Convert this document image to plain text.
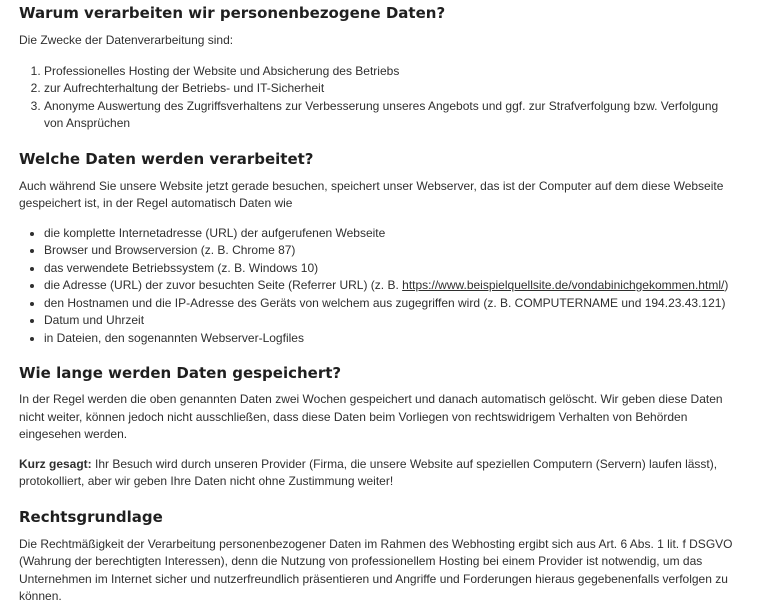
Warum verarbeiten wir personenbezogene Daten?

Die Zwecke der Datenverarbeitung sind:

1. Professionelles Hosting der Website und Absicherung des Betriebs
2. zur Aufrechterhaltung der Betriebs- und IT-Sicherheit
3. Anonyme Auswertung des Zugriffsverhaltens zur Verbesserung unseres Angebots und ggf. zur Strafverfolgung bzw. Verfolgung von Ansprüchen
Welche Daten werden verarbeitet?

Auch während Sie unsere Website jetzt gerade besuchen, speichert unser Webserver, das ist der Computer auf dem diese Webseite gespeichert ist, in der Regel automatisch Daten wie

• die komplette Internetadresse (URL) der aufgerufenen Webseite
• Browser und Browserversion (z. B. Chrome 87)
• das verwendete Betriebssystem (z. B. Windows 10)
• die Adresse (URL) der zuvor besuchten Seite (Referrer URL) (z. B. https://www.beispielquellsite.de/vondabinichgekommen.html/)
• den Hostnamen und die IP-Adresse des Geräts von welchem aus zugegriffen wird (z. B. COMPUTERNAME und 194.23.43.121)
• Datum und Uhrzeit
• in Dateien, den sogenannten Webserver-Logfiles
Wie lange werden Daten gespeichert?

In der Regel werden die oben genannten Daten zwei Wochen gespeichert und danach automatisch gelöscht. Wir geben diese Daten nicht weiter, können jedoch nicht ausschließen, dass diese Daten beim Vorliegen von rechtswidrigem Verhalten von Behörden eingesehen werden.

Kurz gesagt: Ihr Besuch wird durch unseren Provider (Firma, die unsere Website auf speziellen Computern (Servern) laufen lässt), protokolliert, aber wir geben Ihre Daten nicht ohne Zustimmung weiter!

Rechtsgrundlage

Die Rechtmäßigkeit der Verarbeitung personenbezogener Daten im Rahmen des Webhosting ergibt sich aus Art. 6 Abs. 1 lit. f DSGVO (Wahrung der berechtigten Interessen), denn die Nutzung von professionellem Hosting bei einem Provider ist notwendig, um das Unternehmen im Internet sicher und nutzerfreundlich präsentieren und Angriffe und Forderungen hieraus gegebenenfalls verfolgen zu können.
